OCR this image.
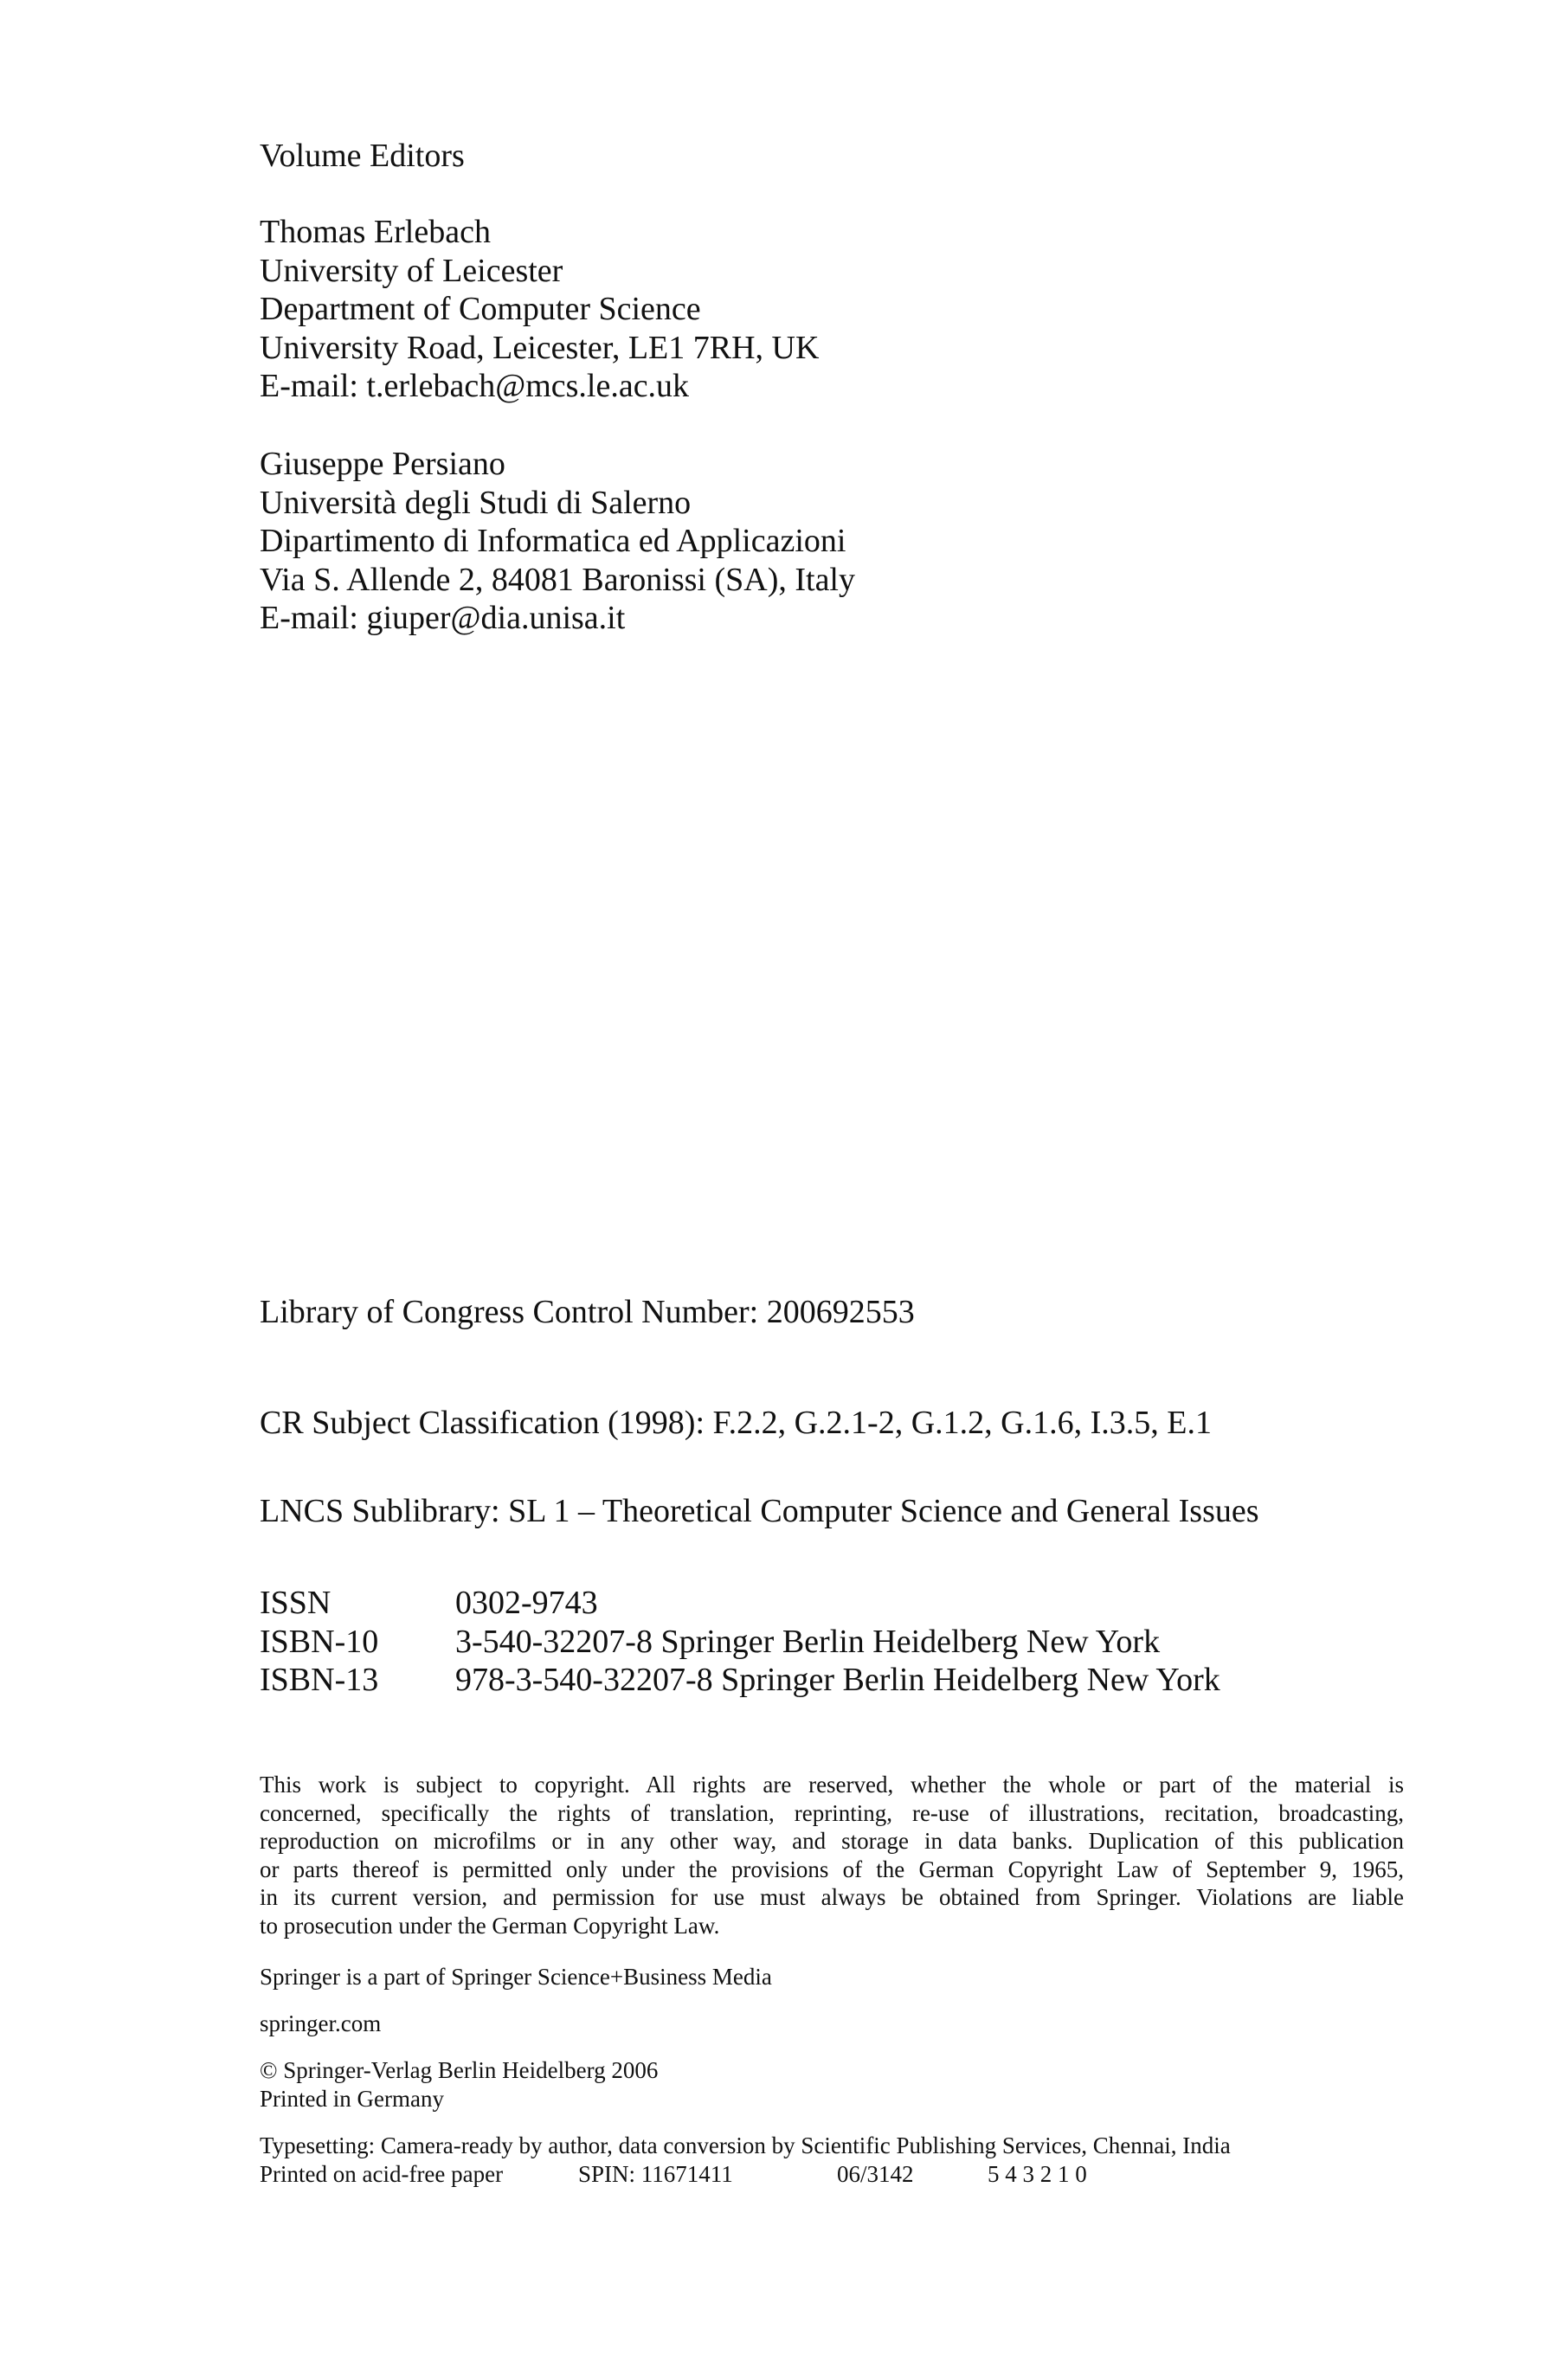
Volume Editors
Thomas Erlebach
University of Leicester
Department of Computer Science
University Road, Leicester, LE1 7RH, UK
E-mail: t.erlebach@mcs.le.ac.uk
Giuseppe Persiano
Università degli Studi di Salerno
Dipartimento di Informatica ed Applicazioni
Via S. Allende 2, 84081 Baronissi (SA), Italy
E-mail: giuper@dia.unisa.it
Library of Congress Control Number: 200692553
CR Subject Classification (1998): F.2.2, G.2.1-2, G.1.2, G.1.6, I.3.5, E.1
LNCS Sublibrary: SL 1 – Theoretical Computer Science and General Issues
ISSN	0302-9743
ISBN-10	3-540-32207-8 Springer Berlin Heidelberg New York
ISBN-13	978-3-540-32207-8 Springer Berlin Heidelberg New York
This work is subject to copyright. All rights are reserved, whether the whole or part of the material is
concerned, specifically the rights of translation, reprinting, re-use of illustrations, recitation, broadcasting,
reproduction on microfilms or in any other way, and storage in data banks. Duplication of this publication
or parts thereof is permitted only under the provisions of the German Copyright Law of September 9, 1965,
in its current version, and permission for use must always be obtained from Springer. Violations are liable
to prosecution under the German Copyright Law.
Springer is a part of Springer Science+Business Media
springer.com
© Springer-Verlag Berlin Heidelberg 2006
Printed in Germany
Typesetting: Camera-ready by author, data conversion by Scientific Publishing Services, Chennai, India
Printed on acid-free paper	SPIN: 11671411	06/3142	5 4 3 2 1 0
